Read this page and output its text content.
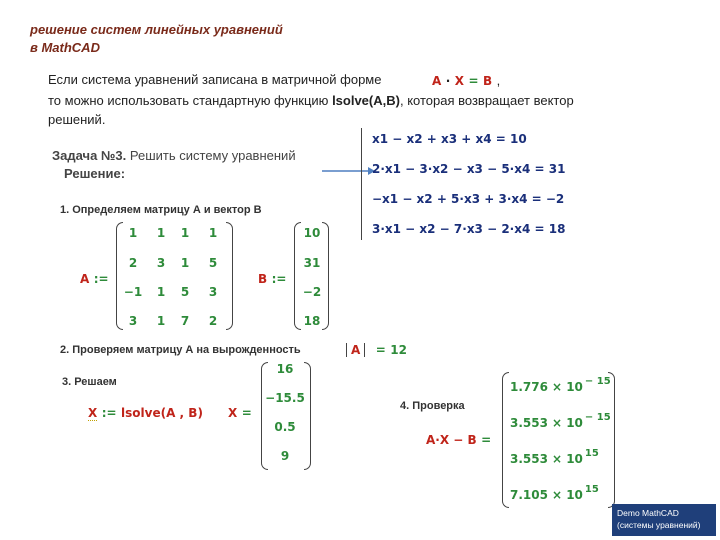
решение систем линейных уравнений
в MathCAD
Если система уравнений записана в матричной форме	A · X = B ,
то можно использовать стандартную функцию lsolve(A,B), которая возвращает вектор
решений.
Задача №3. Решить систему уравнений
Решение:
x1 − x2 + x3 + x4 = 10
2·x1 − 3·x2 − x3 − 5·x4 = 31
−x1 − x2 + 5·x3 + 3·x4 = −2
3·x1 − x2 − 7·x3 − 2·x4 = 18
1. Определяем матрицу А и вектор В
A :=
1	1	1	1
2	3	1	5
−1	1	5	3
3	1	7	2
B :=
10
31
−2
18
2. Проверяем матрицу А на вырожденность	A = 12
3. Решаем
X := lsolve(A , B) X =
16
−15.5
0.5
9
4. Проверка
A·X − B =
1.776 × 10 $^{- 15}$
3.553 × 10 $^{- 15}$
3.553 × 10 $^{15}$
7.105 × 10 $^{15}$
Demo MathCAD
(системы уравнений)
